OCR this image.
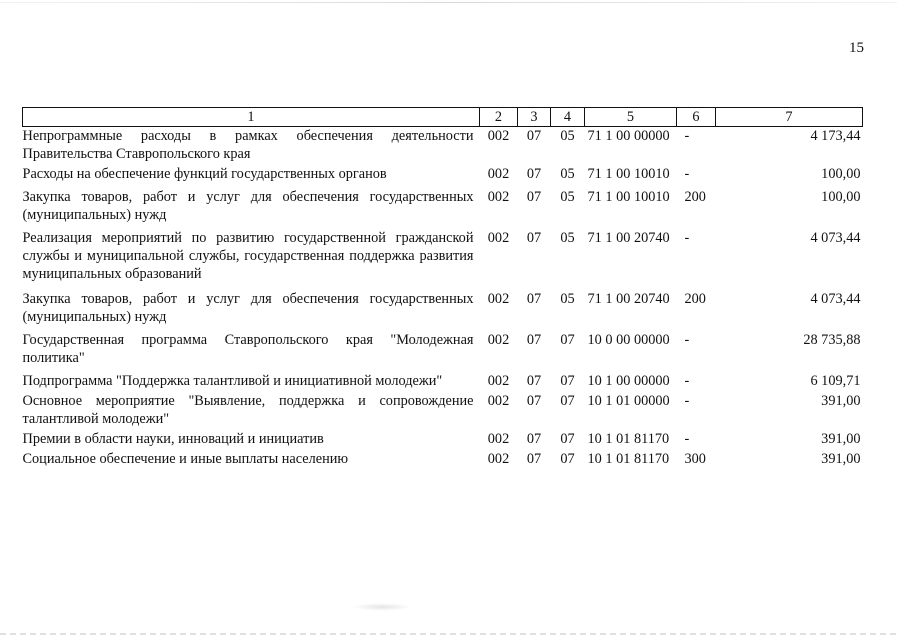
15
1	2	3	4	5	6	7
Непрограммные расходы в рамках обеспечения деятельности Правительства Ставропольского края	002	07	05	71 1 00 00000	-	4 173,44
Расходы на обеспечение функций государственных органов	002	07	05	71 1 00 10010	-	100,00
Закупка товаров, работ и услуг для обеспечения государственных (муниципальных) нужд	002	07	05	71 1 00 10010	200	100,00
Реализация мероприятий по развитию государственной гражданской службы и муниципальной службы, государственная поддержка развития муниципальных образований	002	07	05	71 1 00 20740	-	4 073,44
Закупка товаров, работ и услуг для обеспечения государственных (муниципальных) нужд	002	07	05	71 1 00 20740	200	4 073,44
Государственная программа Ставропольского края "Молодежная политика"	002	07	07	10 0 00 00000	-	28 735,88
Подпрограмма "Поддержка талантливой и инициативной молодежи"	002	07	07	10 1 00 00000	-	6 109,71
Основное мероприятие "Выявление, поддержка и сопровождение талантливой молодежи"	002	07	07	10 1 01 00000	-	391,00
Премии в области науки, инноваций и инициатив	002	07	07	10 1 01 81170	-	391,00
Социальное обеспечение и иные выплаты населению	002	07	07	10 1 01 81170	300	391,00
